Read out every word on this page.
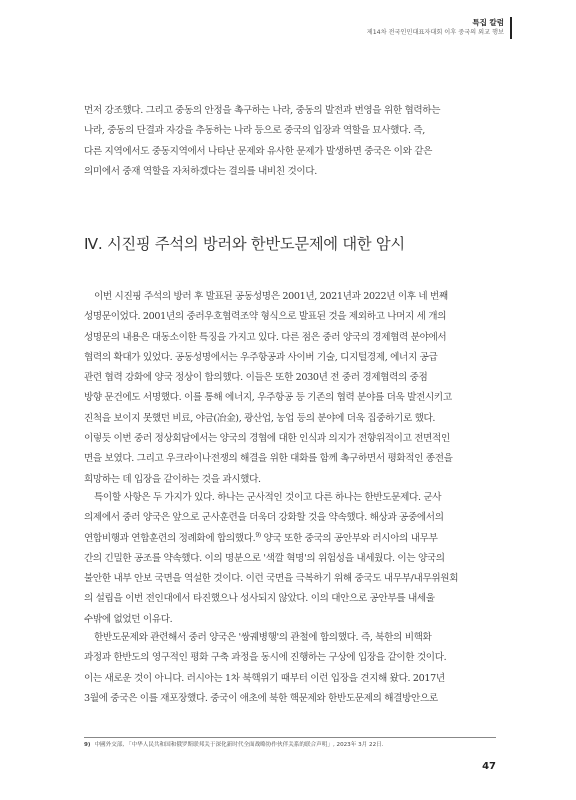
특집 칼럼
제14차 전국인민대표자대회 이후 중국의 외교 행보
먼저 강조했다. 그리고 중동의 안정을 촉구하는 나라, 중동의 발전과 번영을 위한 협력하는
나라, 중동의 단결과 자강을 추동하는 나라 등으로 중국의 입장과 역할을 묘사했다. 즉,
다른 지역에서도 중동지역에서 나타난 문제와 유사한 문제가 발생하면 중국은 이와 같은
의미에서 중재 역할을 자처하겠다는 결의를 내비친 것이다.
Ⅳ. 시진핑 주석의 방러와 한반도문제에 대한 암시
이번 시진핑 주석의 방러 후 발표된 공동성명은 2001년, 2021년과 2022년 이후 네 번째
성명문이었다. 2001년의 중러우호협력조약 형식으로 발표된 것을 제외하고 나머지 세 개의
성명문의 내용은 대동소이한 특징을 가지고 있다. 다른 점은 중러 양국의 경제협력 분야에서
협력의 확대가 있었다. 공동성명에서는 우주항공과 사이버 기술, 디지털경제, 에너지 공급
관련 협력 강화에 양국 정상이 합의했다. 이들은 또한 2030년 전 중러 경제협력의 중점
방향 문건에도 서명했다. 이를 통해 에너지, 우주항공 등 기존의 협력 분야를 더욱 발전시키고
진척을 보이지 못했던 비료, 야금(冶金), 광산업, 농업 등의 분야에 더욱 집중하기로 했다.
이렇듯 이번 중러 정상회담에서는 양국의 경협에 대한 인식과 의지가 전향위적이고 전면적인
면을 보였다. 그리고 우크라이나전쟁의 해결을 위한 대화를 함께 촉구하면서 평화적인 종전을
희망하는 데 입장을 같이하는 것을 과시했다.
특이할 사항은 두 가지가 있다. 하나는 군사적인 것이고 다른 하나는 한반도문제다. 군사
의제에서 중러 양국은 앞으로 군사훈련을 더욱더 강화할 것을 약속했다. 해상과 공중에서의
연합비행과 연합훈련의 정례화에 합의했다.$^{9)}$ 양국 또한 중국의 공안부와 러시아의 내무부
간의 긴밀한 공조를 약속했다. 이의 명분으로 '색깔 혁명'의 위험성을 내세웠다. 이는 양국의
불안한 내부 안보 국면을 역설한 것이다. 이런 국면을 극복하기 위해 중국도 내무부/내무위원회
의 설립을 이번 전인대에서 타진했으나 성사되지 않았다. 이의 대안으로 공안부를 내세울
수밖에 없었던 이유다.
한반도문제와 관련해서 중러 양국은 '쌍궤병행'의 관철에 합의했다. 즉, 북한의 비핵화
과정과 한반도의 영구적인 평화 구축 과정을 동시에 진행하는 구상에 입장을 같이한 것이다.
이는 새로운 것이 아니다. 러시아는 1차 북핵위기 때부터 이런 입장을 견지해 왔다. 2017년
3월에 중국은 이를 재포장했다. 중국이 애초에 북한 핵문제와 한반도문제의 해결방안으로
9) 中國外交部, 「中华人民共和国和俄罗斯联邦关于深化新时代全面战略协作伙伴关系的联合声明」, 2023年 3月 22日.
47
